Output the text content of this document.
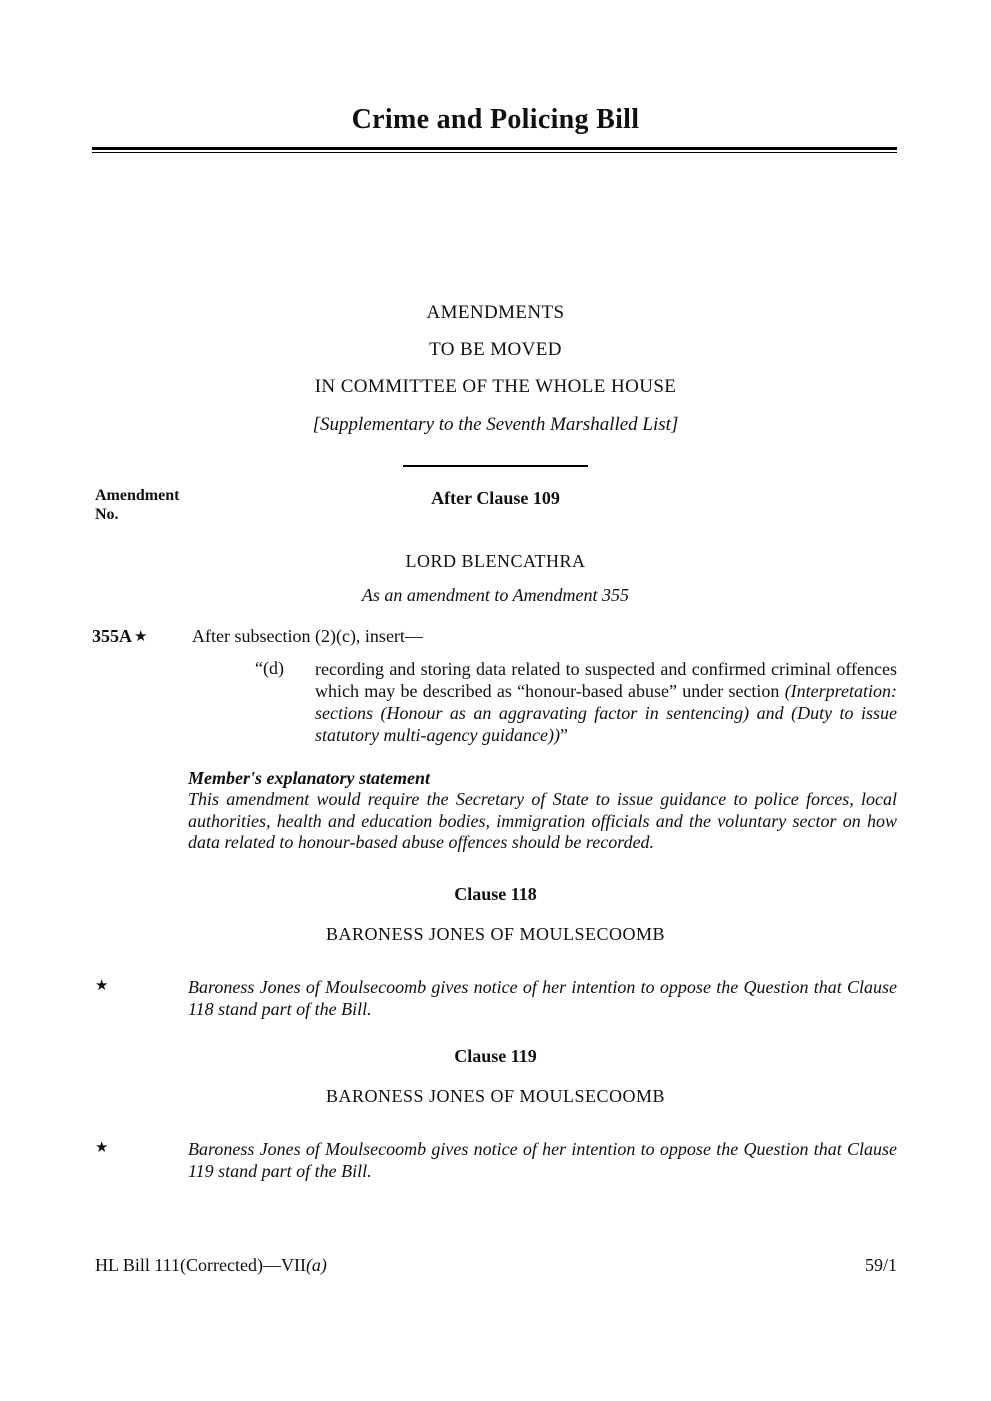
Crime and Policing Bill
AMENDMENTS
TO BE MOVED
IN COMMITTEE OF THE WHOLE HOUSE
[Supplementary to the Seventh Marshalled List]
Amendment
No.
After Clause 109
LORD BLENCATHRA
As an amendment to Amendment 355
355A ★ After subsection (2)(c), insert—
“(d) recording and storing data related to suspected and confirmed criminal offences which may be described as “honour-based abuse” under section (Interpretation: sections (Honour as an aggravating factor in sentencing) and (Duty to issue statutory multi-agency guidance))”
Member's explanatory statement
This amendment would require the Secretary of State to issue guidance to police forces, local authorities, health and education bodies, immigration officials and the voluntary sector on how data related to honour-based abuse offences should be recorded.
Clause 118
BARONESS JONES OF MOULSECOOMB
★	Baroness Jones of Moulsecoomb gives notice of her intention to oppose the Question that Clause 118 stand part of the Bill.
Clause 119
BARONESS JONES OF MOULSECOOMB
★	Baroness Jones of Moulsecoomb gives notice of her intention to oppose the Question that Clause 119 stand part of the Bill.
HL Bill 111(Corrected)—VII(a)	59/1
